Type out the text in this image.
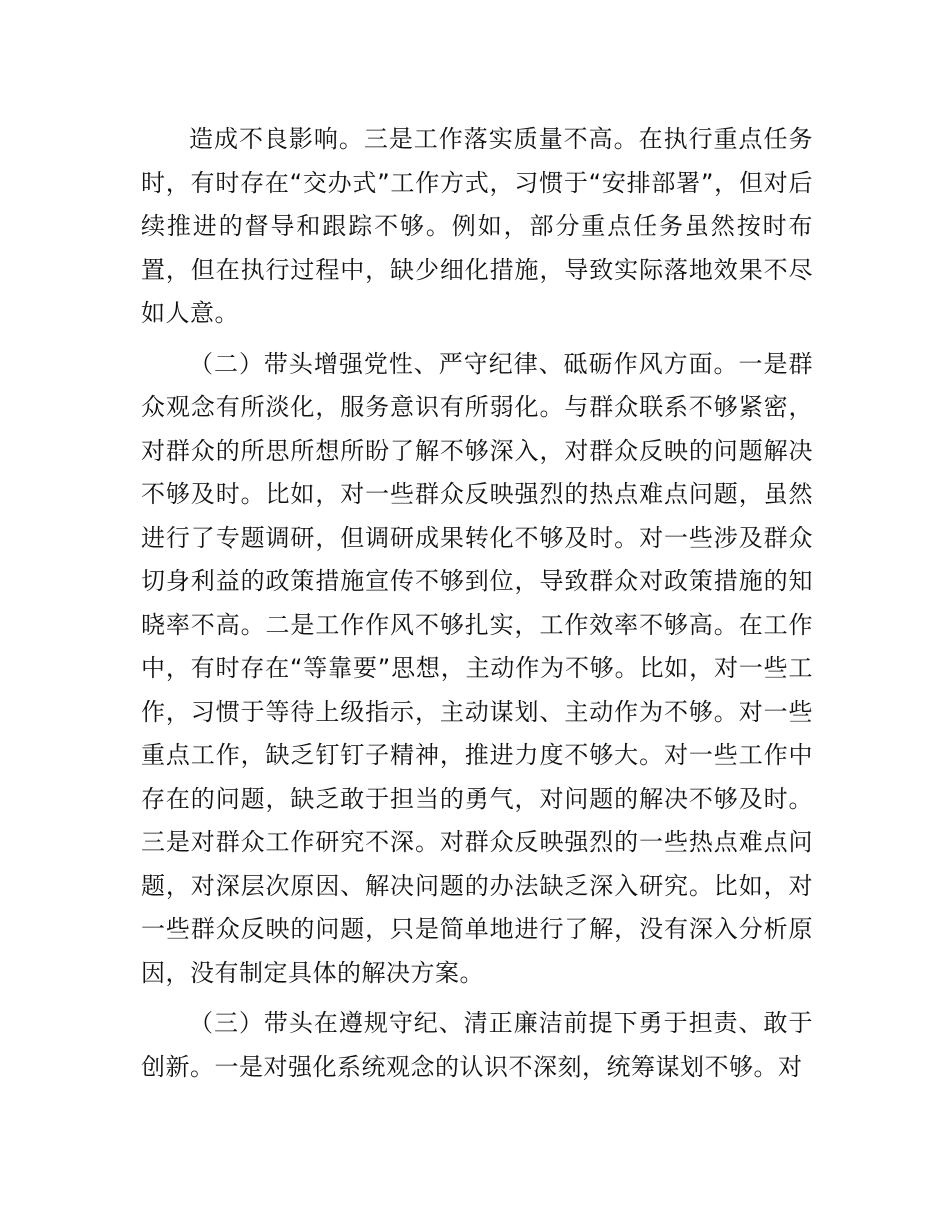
造成不良影响。三是工作落实质量不高。在执行重点任务时，有时存在“交办式”工作方式，习惯于“安排部署”，但对后续推进的督导和跟踪不够。例如，部分重点任务虽然按时布置，但在执行过程中，缺少细化措施，导致实际落地效果不尽如人意。

（二）带头增强党性、严守纪律、砥砺作风方面。一是群众观念有所淡化，服务意识有所弱化。与群众联系不够紧密，对群众的所思所想所盼了解不够深入，对群众反映的问题解决不够及时。比如，对一些群众反映强烈的热点难点问题，虽然进行了专题调研，但调研成果转化不够及时。对一些涉及群众切身利益的政策措施宣传不够到位，导致群众对政策措施的知晓率不高。二是工作作风不够扎实，工作效率不够高。在工作中，有时存在“等靠要”思想，主动作为不够。比如，对一些工作，习惯于等待上级指示，主动谋划、主动作为不够。对一些重点工作，缺乏钉钉子精神，推进力度不够大。对一些工作中存在的问题，缺乏敢于担当的勇气，对问题的解决不够及时。三是对群众工作研究不深。对群众反映强烈的一些热点难点问题，对深层次原因、解决问题的办法缺乏深入研究。比如，对一些群众反映的问题，只是简单地进行了解，没有深入分析原因，没有制定具体的解决方案。

（三）带头在遵规守纪、清正廉洁前提下勇于担责、敢于创新。一是对强化系统观念的认识不深刻，统筹谋划不够。对
